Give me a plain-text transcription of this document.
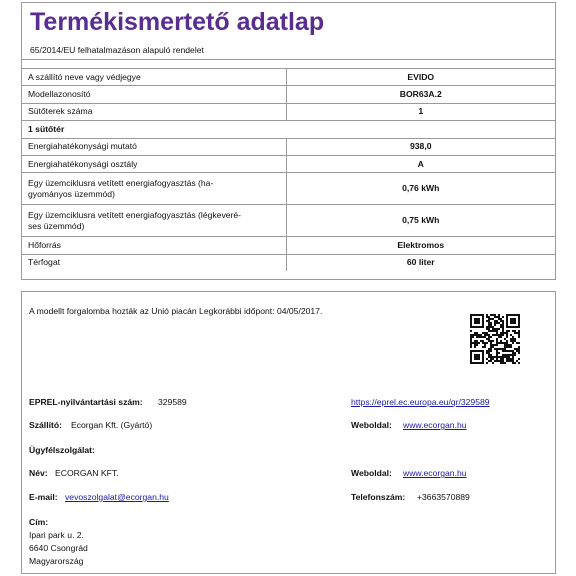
Termékismertető adatlap
65/2014/EU felhatalmazáson alapuló rendelet
A szállító neve vagy védjegye	EVIDO
Modellazonosító	BOR63A.2
Sütőterek száma	1
1 sütőtér	
Energiahatékonysági mutató	938,0
Energiahatékonysági osztály	A

Egy üzemciklusra vetített energiafogyasztás (ha-
gyományos üzemmód)	0,76 kWh

Egy üzemciklusra vetített energiafogyasztás (légkeveré-
ses üzemmód)	0,75 kWh
Hőforrás	Elektromos
Térfogat	60 liter
A modellt forgalomba hozták az Unió piacán Legkorábbi időpont: 04/05/2017.
EPREL-nyilvántartási szám: 329589	https://eprel.ec.europa.eu/qr/329589
Szállító: Ecorgan Kft. (Gyártó)	Weboldal: www.ecorgan.hu
Ügyfélszolgálat:
Név: ECORGAN KFT.	Weboldal: www.ecorgan.hu
E-mail: vevoszolgalat@ecorgan.hu	Telefonszám: +3663570889
Cím:
Ipari park u. 2.
6640 Csongrád
Magyarország
